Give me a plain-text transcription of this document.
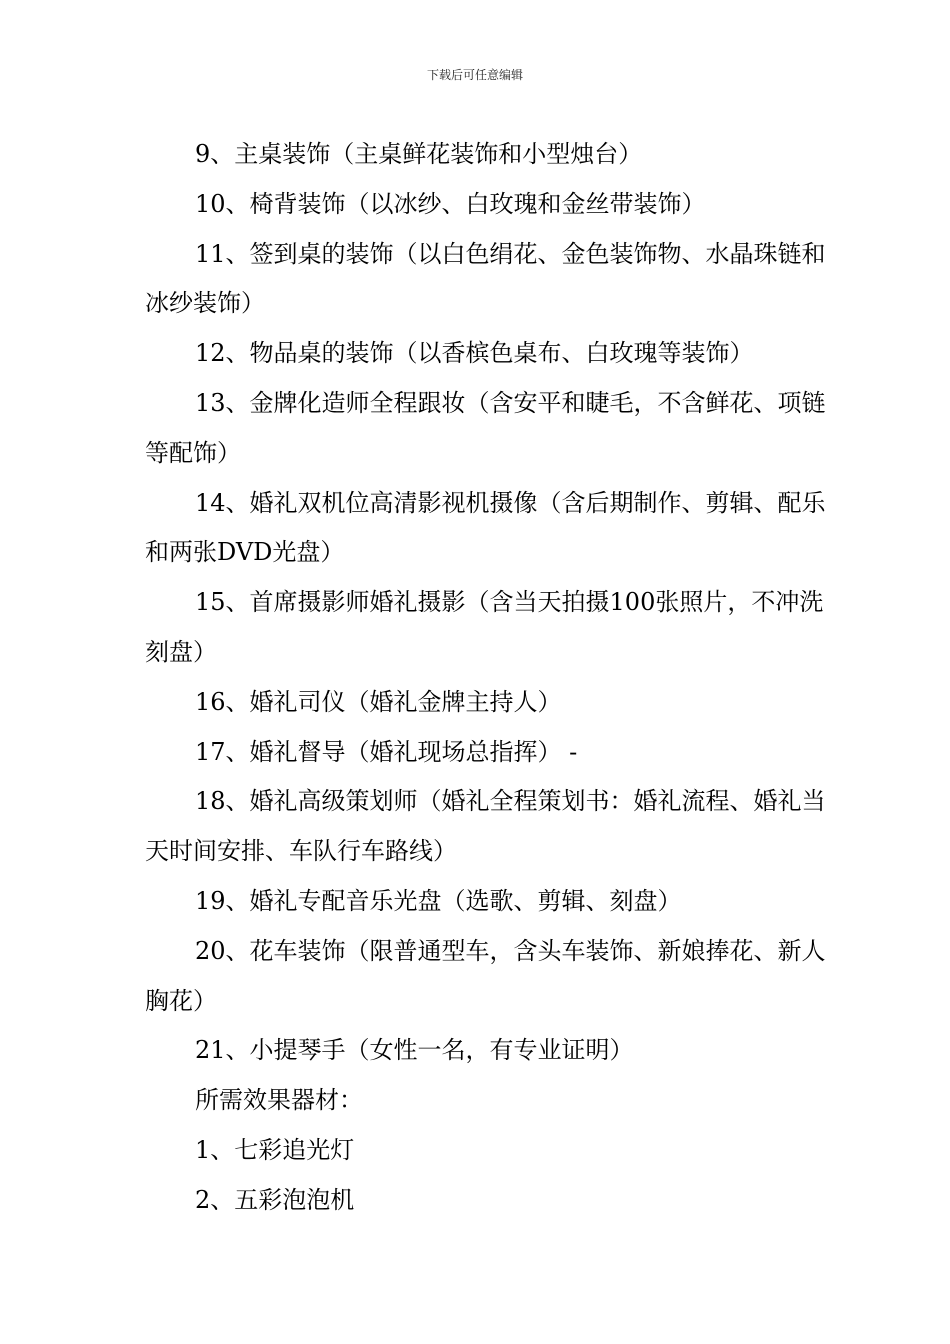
下载后可任意编辑

9、主桌装饰（主桌鲜花装饰和小型烛台）

10、椅背装饰（以冰纱、白玫瑰和金丝带装饰）

11、签到桌的装饰（以白色绢花、金色装饰物、水晶珠链和冰纱装饰）

12、物品桌的装饰（以香槟色桌布、白玫瑰等装饰）

13、金牌化造师全程跟妆（含安平和睫毛，不含鲜花、项链等配饰）

14、婚礼双机位高清影视机摄像（含后期制作、剪辑、配乐和两张DVD光盘）

15、首席摄影师婚礼摄影（含当天拍摄100张照片，不冲洗刻盘）

16、婚礼司仪（婚礼金牌主持人）

17、婚礼督导（婚礼现场总指挥） -

18、婚礼高级策划师（婚礼全程策划书：婚礼流程、婚礼当天时间安排、车队行车路线）

19、婚礼专配音乐光盘（选歌、剪辑、刻盘）

20、花车装饰（限普通型车，含头车装饰、新娘捧花、新人胸花）

21、小提琴手（女性一名，有专业证明）

所需效果器材：

1、七彩追光灯

2、五彩泡泡机
